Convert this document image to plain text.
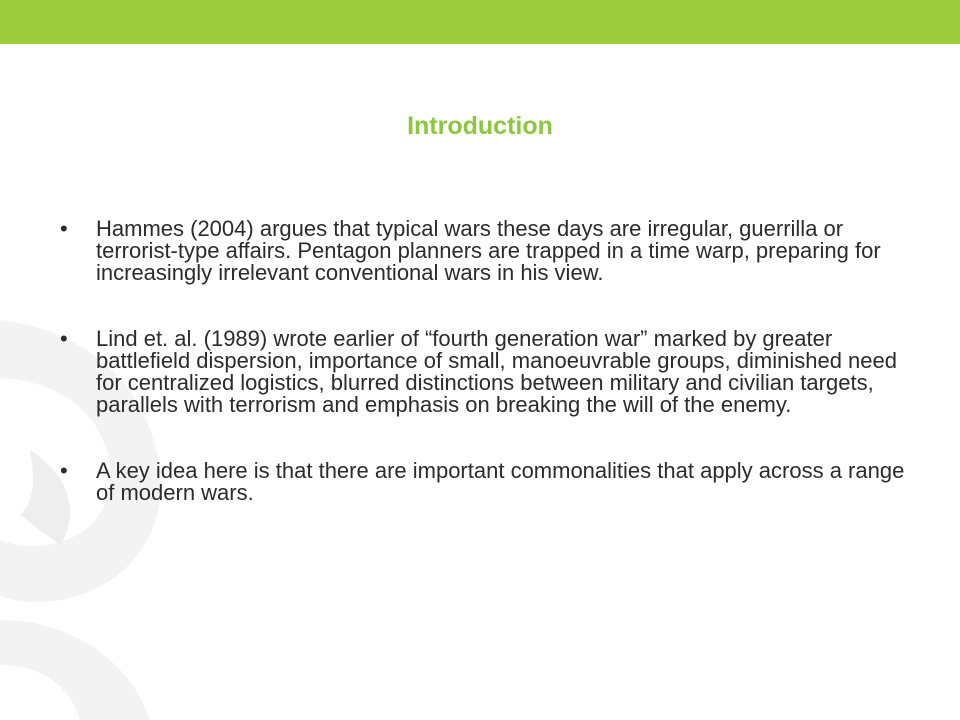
Introduction
•	Hammes (2004) argues that typical wars these days are irregular, guerrilla or terrorist-type affairs. Pentagon planners are trapped in a time warp, preparing for increasingly irrelevant conventional wars in his view.
•	Lind et. al. (1989) wrote earlier of “fourth generation war” marked by greater battlefield dispersion, importance of small, manoeuvrable groups, diminished need for centralized logistics, blurred distinctions between military and civilian targets, parallels with terrorism and emphasis on breaking the will of the enemy.
•	A key idea here is that there are important commonalities that apply across a range of modern wars.
